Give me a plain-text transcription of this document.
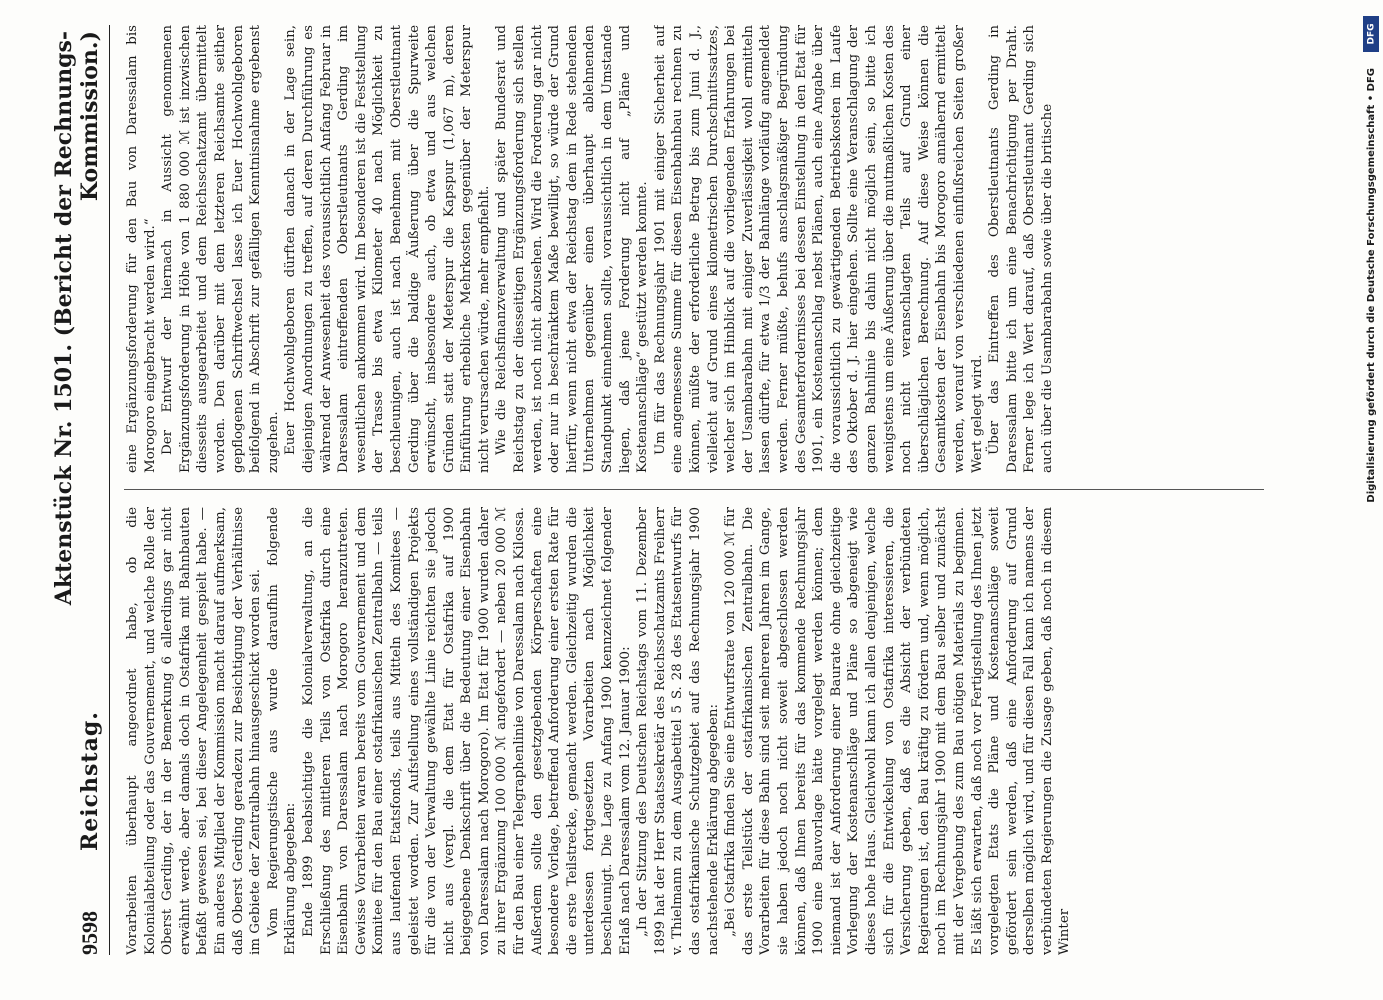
9598
Reichstag.
Aktenstück Nr. 1501. (Bericht der Rechnungs-Kommission.)

Vorarbeiten überhaupt angeordnet habe, ob die Kolonialabteilung oder das Gouvernement, und welche Rolle der Oberst Gerding, der in der Bemerkung 6 allerdings gar nicht erwähnt werde, aber damals doch in Ostafrika mit Bahnbauten befaßt gewesen sei, bei dieser Angelegenheit gespielt habe. — Ein anderes Mitglied der Kommission macht darauf aufmerksam, daß Oberst Gerding geradezu zur Besichtigung der Verhältnisse im Gebiete der Zentralbahn hinausgeschickt worden sei. Vom Regierungstische aus wurde daraufhin folgende Erklärung abgegeben: Ende 1899 beabsichtigte die Kolonialverwaltung, an die Erschließung des mittleren Teils von Ostafrika durch eine Eisenbahn von Daressalam nach Morogoro heranzutreten. Gewisse Vorarbeiten waren bereits vom Gouvernement und dem Komitee für den Bau einer ostafrikanischen Zentralbahn — teils aus laufenden Etatsfonds, teils aus Mitteln des Komitees — geleistet worden. Zur Aufstellung eines vollständigen Projekts für die von der Verwaltung gewählte Linie reichten sie jedoch nicht aus (vergl. die dem Etat für Ostafrika auf 1900 beigegebene Denkschrift über die Bedeutung einer Eisenbahn von Daressalam nach Morogoro). Im Etat für 1900 wurden daher zu ihrer Ergänzung 100 000 ℳ angefordert — neben 20 000 ℳ für den Bau einer Telegraphenlinie von Daressalam nach Kilossa. Außerdem sollte den gesetzgebenden Körperschaften eine besondere Vorlage, betreffend Anforderung einer ersten Rate für die erste Teilstrecke, gemacht werden. Gleichzeitig wurden die unterdessen fortgesetzten Vorarbeiten nach Möglichkeit beschleunigt. Die Lage zu Anfang 1900 kennzeichnet folgender Erlaß nach Daressalam vom 12. Januar 1900: „In der Sitzung des Deutschen Reichstags vom 11. Dezember 1899 hat der Herr Staatssekretär des Reichsschatzamts Freiherr v. Thielmann zu dem Ausgabetitel 5 S. 28 des Etatsentwurfs für das ostafrikanische Schutzgebiet auf das Rechnungsjahr 1900 nachstehende Erklärung abgegeben: „Bei Ostafrika finden Sie eine Entwurfsrate von 120 000 ℳ für das erste Teilstück der ostafrikanischen Zentralbahn. Die Vorarbeiten für diese Bahn sind seit mehreren Jahren im Gange, sie haben jedoch noch nicht soweit abgeschlossen werden können, daß Ihnen bereits für das kommende Rechnungsjahr 1900 eine Bauvorlage hätte vorgelegt werden können; dem niemand ist der Anforderung einer Baurate ohne gleichzeitige Vorlegung der Kostenanschläge und Pläne so abgeneigt wie dieses hohe Haus. Gleichwohl kann ich allen denjenigen, welche sich für die Entwickelung von Ostafrika interessieren, die Versicherung geben, daß es die Absicht der verbündeten Regierungen ist, den Bau kräftig zu fördern und, wenn möglich, noch im Rechnungsjahr 1900 mit dem Bau selber und zunächst mit der Vergebung des zum Bau nötigen Materials zu beginnen. Es läßt sich erwarten, daß noch vor Fertigstellung des Ihnen jetzt vorgelegten Etats die Pläne und Kostenanschläge soweit gefördert sein werden, daß eine Anforderung auf Grund derselben möglich wird, und für diesen Fall kann ich namens der verbündeten Regierungen die Zusage geben, daß noch in diesem Winter

eine Ergänzungsforderung für den Bau von Daressalam bis Morogoro eingebracht werden wird.“ Der Entwurf der hiernach in Aussicht genommenen Ergänzungsforderung in Höhe von 1 880 000 ℳ ist inzwischen diesseits ausgearbeitet und dem Reichsschatzamt übermittelt worden. Den darüber mit dem letzteren Reichsamte seither gepflogenen Schriftwechsel lasse ich Euer Hochwohlgeboren beifolgend in Abschrift zur gefälligen Kenntnisnahme ergebenst zugehen. Euer Hochwohlgeboren dürften danach in der Lage sein, diejenigen Anordnungen zu treffen, auf deren Durchführung es während der Anwesenheit des voraussichtlich Anfang Februar in Daressalam eintreffenden Oberstleutnants Gerding im wesentlichen ankommen wird. Im besonderen ist die Feststellung der Trasse bis etwa Kilometer 40 nach Möglichkeit zu beschleunigen, auch ist nach Benehmen mit Oberstleutnant Gerding über die baldige Äußerung über die Spurweite erwünscht, insbesondere auch, ob etwa und aus welchen Gründen statt der Meterspur die Kapspur (1,067 m), deren Einführung erhebliche Mehrkosten gegenüber der Meterspur nicht verursachen würde, mehr empfiehlt. Wie die Reichsfinanzverwaltung und später Bundesrat und Reichstag zu der diesseitigen Ergänzungsforderung sich stellen werden, ist noch nicht abzusehen. Wird die Forderung gar nicht oder nur in beschränktem Maße bewilligt, so würde der Grund hierfür, wenn nicht etwa der Reichstag dem in Rede stehenden Unternehmen gegenüber einen überhaupt ablehnenden Standpunkt einnehmen sollte, voraussichtlich in dem Umstande liegen, daß jene Forderung nicht auf „Pläne und Kostenanschläge“ gestützt werden konnte. Um für das Rechnungsjahr 1901 mit einiger Sicherheit auf eine angemessene Summe für diesen Eisenbahnbau rechnen zu können, müßte der erforderliche Betrag bis zum Juni d. J., vielleicht auf Grund eines kilometrischen Durchschnittssatzes, welcher sich im Hinblick auf die vorliegenden Erfahrungen bei der Usambarabahn mit einiger Zuverlässigkeit wohl ermitteln lassen dürfte, für etwa 1/3 der Bahnlänge vorläufig angemeldet werden. Ferner müßte, behufs anschlagsmäßiger Begründung des Gesamterfordernisses bei dessen Einstellung in den Etat für 1901, ein Kostenanschlag nebst Plänen, auch eine Angabe über die voraussichtlich zu gewärtigenden Betriebskosten im Laufe des Oktober d. J. hier eingehen. Sollte eine Veranschlagung der ganzen Bahnlinie bis dahin nicht möglich sein, so bitte ich wenigstens um eine Äußerung über die mutmaßlichen Kosten des noch nicht veranschlagten Teils auf Grund einer überschläglichen Berechnung. Auf diese Weise können die Gesamtkosten der Eisenbahn bis Morogoro annähernd ermittelt werden, worauf von verschiedenen einflußreichen Seiten großer Wert gelegt wird. Über das Eintreffen des Oberstleutnants Gerding in Daressalam bitte ich um eine Benachrichtigung per Draht. Ferner lege ich Wert darauf, daß Oberstleutnant Gerding sich auch über die Usambarabahn sowie über die britische

DFG
Digitalisierung gefördert durch die Deutsche Forschungsgemeinschaft • DFG
